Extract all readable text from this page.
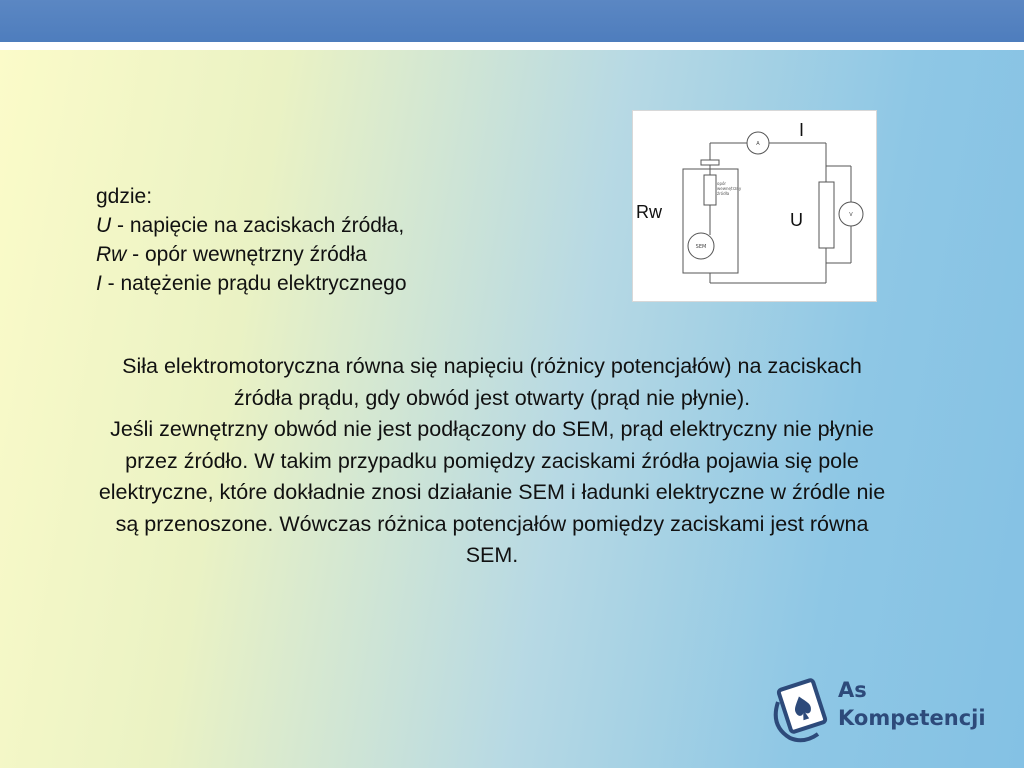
gdzie:
U - napięcie na zaciskach źródła,
Rw - opór wewnętrzny źródła
I - natężenie prądu elektrycznego

Siła elektromotoryczna równa się napięciu (różnicy potencjałów) na zaciskach źródła prądu, gdy obwód jest otwarty (prąd nie płynie).

Jeśli zewnętrzny obwód nie jest podłączony do SEM, prąd elektryczny nie płynie przez źródło. W takim przypadku pomiędzy zaciskami źródła pojawia się pole elektryczne, które dokładnie znosi działanie SEM i ładunki elektryczne w źródle nie są przenoszone. Wówczas różnica potencjałów pomiędzy zaciskami jest równa SEM.

A
V
SEM
opór wewnętrzny źródła
I
Rw	U
As
Kompetencji
